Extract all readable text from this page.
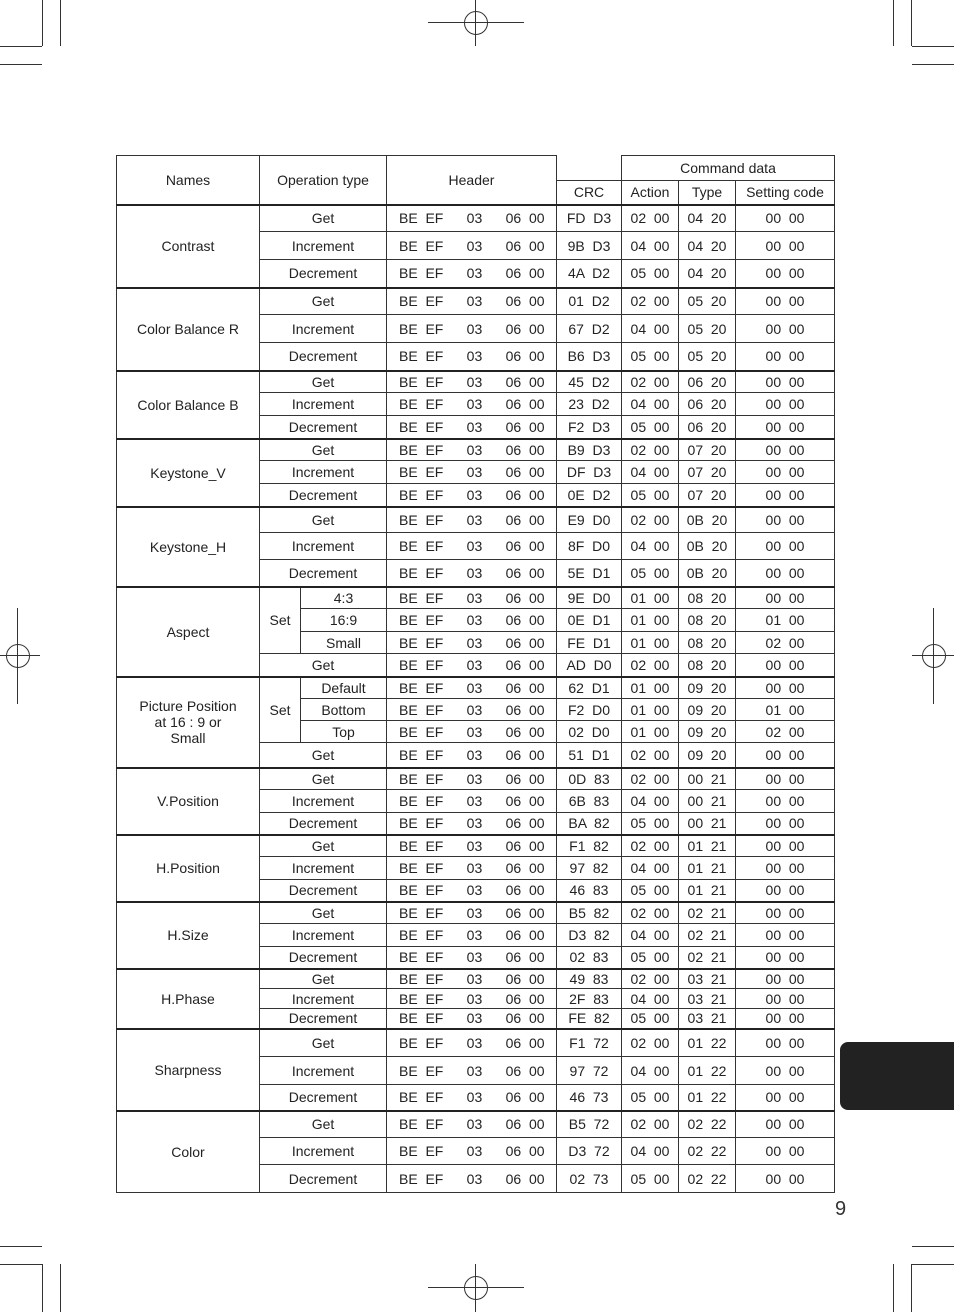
Names	Operation type		Header		Command data		
				CRC	Action	Type	Setting code
Contrast	Get		BE  EF      03      06  00	FD  D3	02  00	04  20	00  00
	Increment		BE  EF      03      06  00	9B  D3	04  00	04  20	00  00
	Decrement		BE  EF      03      06  00	4A  D2	05  00	04  20	00  00
Color Balance R	Get		BE  EF      03      06  00	01  D2	02  00	05  20	00  00
	Increment		BE  EF      03      06  00	67  D2	04  00	05  20	00  00
	Decrement		BE  EF      03      06  00	B6  D3	05  00	05  20	00  00
Color Balance B	Get		BE  EF      03      06  00	45  D2	02  00	06  20	00  00
	Increment		BE  EF      03      06  00	23  D2	04  00	06  20	00  00
	Decrement		BE  EF      03      06  00	F2  D3	05  00	06  20	00  00
Keystone_V	Get		BE  EF      03      06  00	B9  D3	02  00	07  20	00  00
	Increment		BE  EF      03      06  00	DF  D3	04  00	07  20	00  00
	Decrement		BE  EF      03      06  00	0E  D2	05  00	07  20	00  00
Keystone_H	Get		BE  EF      03      06  00	E9  D0	02  00	0B  20	00  00
	Increment		BE  EF      03      06  00	8F  D0	04  00	0B  20	00  00
	Decrement		BE  EF      03      06  00	5E  D1	05  00	0B  20	00  00
Aspect	Set	4:3	BE  EF      03      06  00	9E  D0	01  00	08  20	00  00
		16:9	BE  EF      03      06  00	0E  D1	01  00	08  20	01  00
		Small	BE  EF      03      06  00	FE  D1	01  00	08  20	02  00
	Get		BE  EF      03      06  00	AD  D0	02  00	08  20	00  00
Picture Position at 16 : 9 or Small	Set	Default	BE  EF      03      06  00	62  D1	01  00	09  20	00  00
		Bottom	BE  EF      03      06  00	F2  D0	01  00	09  20	01  00
		Top	BE  EF      03      06  00	02  D0	01  00	09  20	02  00
	Get		BE  EF      03      06  00	51  D1	02  00	09  20	00  00
V.Position	Get		BE  EF      03      06  00	0D  83	02  00	00  21	00  00
	Increment		BE  EF      03      06  00	6B  83	04  00	00  21	00  00
	Decrement		BE  EF      03      06  00	BA  82	05  00	00  21	00  00
H.Position	Get		BE  EF      03      06  00	F1  82	02  00	01  21	00  00
	Increment		BE  EF      03      06  00	97  82	04  00	01  21	00  00
	Decrement		BE  EF      03      06  00	46  83	05  00	01  21	00  00
H.Size	Get		BE  EF      03      06  00	B5  82	02  00	02  21	00  00
	Increment		BE  EF      03      06  00	D3  82	04  00	02  21	00  00
	Decrement		BE  EF      03      06  00	02  83	05  00	02  21	00  00
H.Phase	Get		BE  EF      03      06  00	49  83	02  00	03  21	00  00
	Increment		BE  EF      03      06  00	2F  83	04  00	03  21	00  00
	Decrement		BE  EF      03      06  00	FE  82	05  00	03  21	00  00
Sharpness	Get		BE  EF      03      06  00	F1  72	02  00	01  22	00  00
	Increment		BE  EF      03      06  00	97  72	04  00	01  22	00  00
	Decrement		BE  EF      03      06  00	46  73	05  00	01  22	00  00
Color	Get		BE  EF      03      06  00	B5  72	02  00	02  22	00  00
	Increment		BE  EF      03      06  00	D3  72	04  00	02  22	00  00
	Decrement		BE  EF      03      06  00	02  73	05  00	02  22	00  00
9
